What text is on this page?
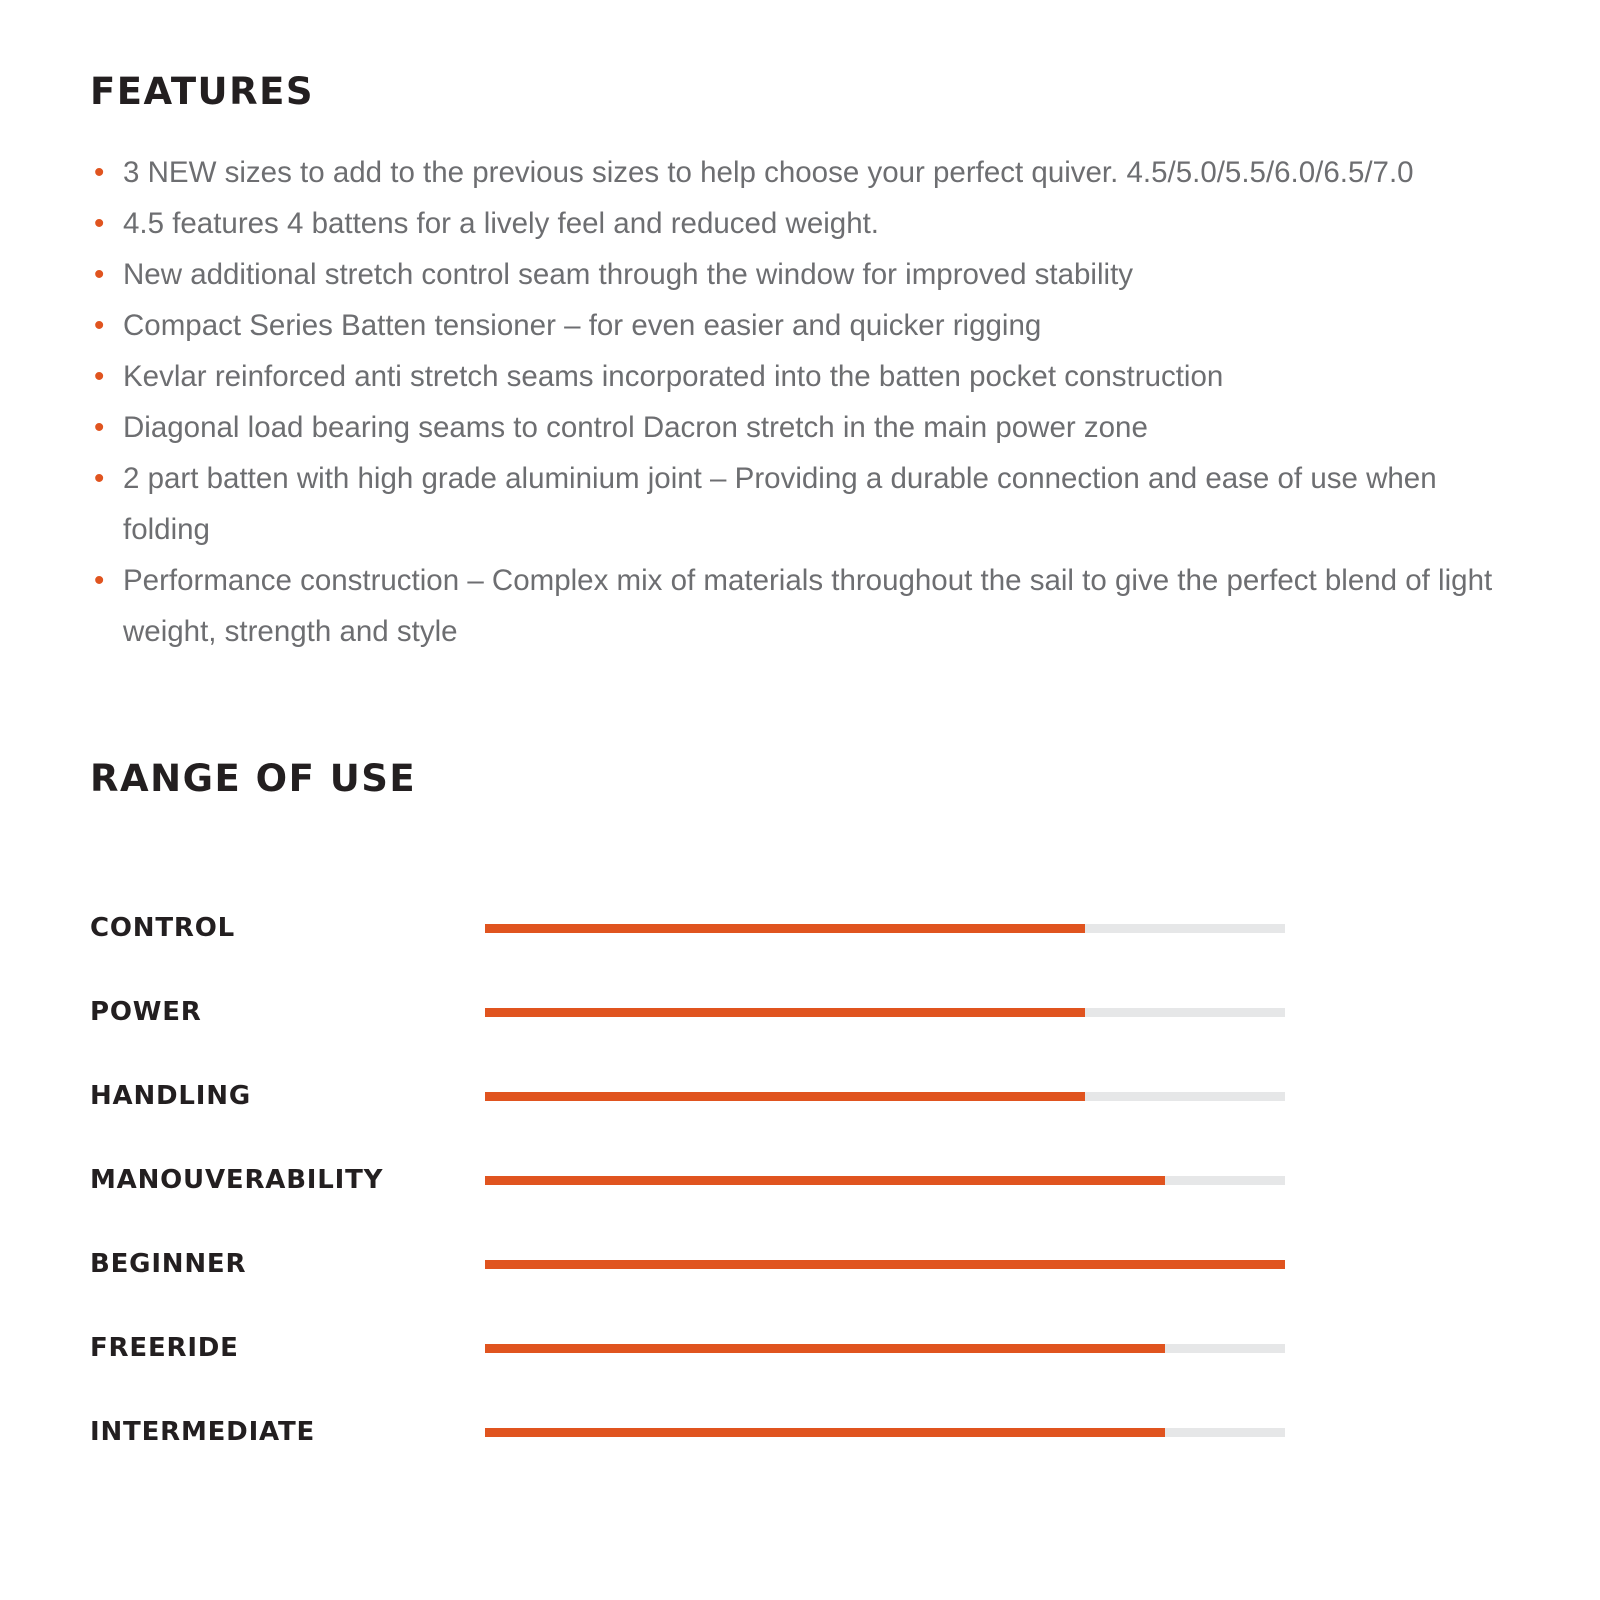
FEATURES
• 3 NEW sizes to add to the previous sizes to help choose your perfect quiver. 4.5/5.0/5.5/6.0/6.5/7.0
• 4.5 features 4 battens for a lively feel and reduced weight.
• New additional stretch control seam through the window for improved stability
• Compact Series Batten tensioner – for even easier and quicker rigging
• Kevlar reinforced anti stretch seams incorporated into the batten pocket construction
• Diagonal load bearing seams to control Dacron stretch in the main power zone
• 2 part batten with high grade aluminium joint – Providing a durable connection and ease of use when folding
• Performance construction – Complex mix of materials throughout the sail to give the perfect blend of light weight, strength and style
RANGE OF USE
CONTROL	

POWER	

HANDLING	

MANOUVERABILITY	

BEGINNER	

FREERIDE	

INTERMEDIATE	
